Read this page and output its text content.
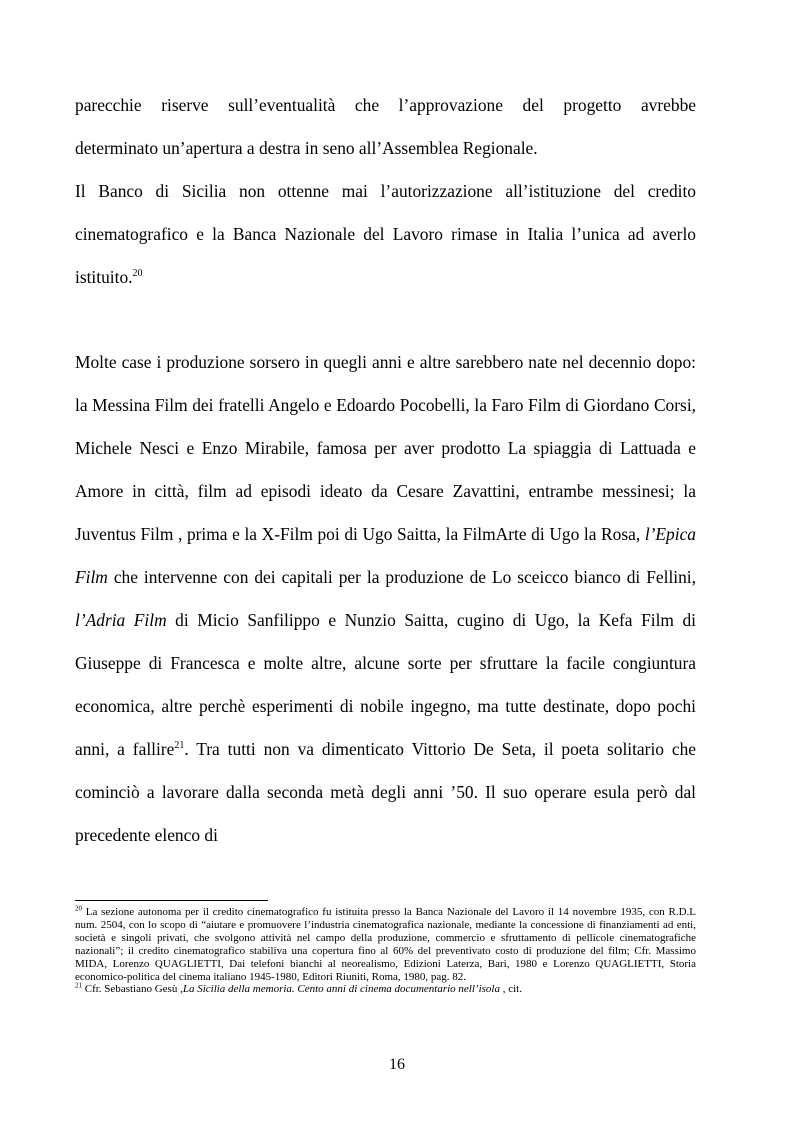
parecchie riserve sull’eventualità che l’approvazione del progetto avrebbe

determinato un’apertura a destra in seno all’Assemblea Regionale.

Il Banco di Sicilia non ottenne mai l’autorizzazione all’istituzione del credito

cinematografico e la Banca Nazionale del Lavoro rimase in Italia l’unica ad averlo

istituito.$^{20}$

Molte case i produzione sorsero in quegli anni e altre sarebbero nate nel decennio dopo: la Messina Film dei fratelli Angelo e Edoardo Pocobelli, la Faro Film di Giordano Corsi, Michele Nesci e Enzo Mirabile, famosa per aver prodotto La spiaggia di Lattuada e Amore in città, film ad episodi ideato da Cesare Zavattini, entrambe messinesi; la Juventus Film , prima e la X-Film poi di Ugo Saitta, la FilmArte di Ugo la Rosa, l’Epica Film che intervenne con dei capitali per la produzione de Lo sceicco bianco di Fellini, l’Adria Film di Micio Sanfilippo e Nunzio Saitta, cugino di Ugo, la Kefa Film di Giuseppe di Francesca e molte altre, alcune sorte per sfruttare la facile congiuntura economica, altre perchè esperimenti di nobile ingegno, ma tutte destinate, dopo pochi anni, a fallire$^{21}$. Tra tutti non va dimenticato Vittorio De Seta, il poeta solitario che cominciò a lavorare dalla seconda metà degli anni ’50. Il suo operare esula però dal precedente elenco di

$^{20}$ La sezione autonoma per il credito cinematografico fu istituita presso la Banca Nazionale del Lavoro il 14 novembre 1935, con R.D.L num. 2504, con lo scopo di “aiutare e promuovere l’industria cinematografica nazionale, mediante la concessione di finanziamenti ad enti, società e singoli privati, che svolgono attività nel campo della produzione, commercio e sfruttamento di pellicole cinematografiche nazionali”; il credito cinematografico stabiliva una copertura fino al 60% del preventivato costo di produzione del film; Cfr. Massimo MIDA, Lorenzo QUAGLIETTI, Dai telefoni bianchi al neorealismo, Edizioni Laterza, Bari, 1980 e Lorenzo QUAGLIETTI, Storia economico-politica del cinema italiano 1945-1980, Editori Riuniti, Roma, 1980, pag. 82.

$^{21}$ Cfr. Sebastiano Gesù ,La Sicilia della memoria. Cento anni di cinema documentario nell’isola , cit.

16
